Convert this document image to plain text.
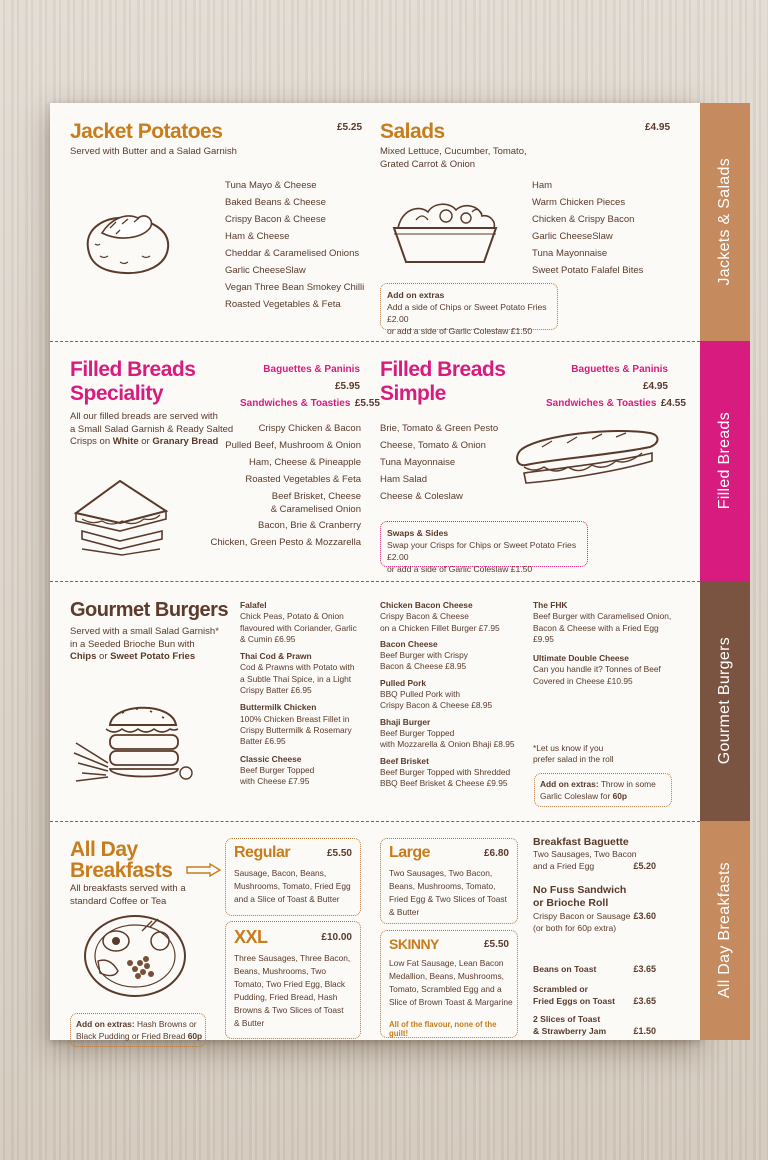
Jackets & Salads
Filled Breads
Gourmet Burgers
All Day Breakfasts
Jacket Potatoes	£5.25
Served with Butter and a Salad Garnish
Tuna Mayo & Cheese
Baked Beans & Cheese
Crispy Bacon & Cheese
Ham & Cheese
Cheddar & Caramelised Onions
Garlic CheeseSlaw
Vegan Three Bean Smokey Chilli
Roasted Vegetables & Feta
Salads	£4.95
Mixed Lettuce, Cucumber, Tomato,
Grated Carrot & Onion
Ham
Warm Chicken Pieces
Chicken & Crispy Bacon
Garlic CheeseSlaw
Tuna Mayonnaise
Sweet Potato Falafel Bites
Add on extras
Add a side of Chips or Sweet Potato Fries £2.00
or add a side of Garlic Coleslaw £1.50
Filled Breads
Speciality
Baguettes & Paninis £5.95
Sandwiches & Toasties £5.55
All our filled breads are served with
a Small Salad Garnish & Ready Salted
Crisps on White or Granary Bread
Crispy Chicken & Bacon
Pulled Beef, Mushroom & Onion
Ham, Cheese & Pineapple
Roasted Vegetables & Feta
Beef Brisket, Cheese
& Caramelised Onion
Bacon, Brie & Cranberry
Chicken, Green Pesto & Mozzarella
Filled Breads
Simple
Baguettes & Paninis £4.95
Sandwiches & Toasties £4.55
Brie, Tomato & Green Pesto
Cheese, Tomato & Onion
Tuna Mayonnaise
Ham Salad
Cheese & Coleslaw
Swaps & Sides
Swap your Crisps for Chips or Sweet Potato Fries £2.00
or add a side of Garlic Coleslaw £1.50
Gourmet Burgers
Served with a small Salad Garnish*
in a Seeded Brioche Bun with
Chips or Sweet Potato Fries
Falafel
Chick Peas, Potato & Onion
flavoured with Coriander, Garlic
& Cumin £6.95
Thai Cod & Prawn
Cod & Prawns with Potato with
a Subtle Thai Spice, in a Light
Crispy Batter £6.95
Buttermilk Chicken
100% Chicken Breast Fillet in
Crispy Buttermilk & Rosemary
Batter £6.95
Classic Cheese
Beef Burger Topped
with Cheese £7.95
Chicken Bacon Cheese
Crispy Bacon & Cheese
on a Chicken Fillet Burger £7.95
Bacon Cheese
Beef Burger with Crispy
Bacon & Cheese £8.95
Pulled Pork
BBQ Pulled Pork with
Crispy Bacon & Cheese £8.95
Bhaji Burger
Beef Burger Topped
with Mozzarella & Onion Bhaji £8.95
Beef Brisket
Beef Burger Topped with Shredded
BBQ Beef Brisket & Cheese £9.95
The FHK
Beef Burger with Caramelised Onion,
Bacon & Cheese with a Fried Egg
£9.95
Ultimate Double Cheese
Can you handle it? Tonnes of Beef
Covered in Cheese £10.95
*Let us know if you
prefer salad in the roll
Add on extras: Throw in some
Garlic Coleslaw for 60p
All Day
Breakfasts
All breakfasts served with a
standard Coffee or Tea
Add on extras: Hash Browns or
Black Pudding or Fried Bread 60p
Regular	£5.50
Sausage, Bacon, Beans,
Mushrooms, Tomato, Fried Egg
and a Slice of Toast & Butter
XXL	£10.00
Three Sausages, Three Bacon,
Beans, Mushrooms, Two
Tomato, Two Fried Egg, Black
Pudding, Fried Bread, Hash
Browns & Two Slices of Toast
& Butter
Large	£6.80
Two Sausages, Two Bacon,
Beans, Mushrooms, Tomato,
Fried Egg & Two Slices of Toast
& Butter
SKINNY	£5.50
Low Fat Sausage, Lean Bacon
Medallion, Beans, Mushrooms,
Tomato, Scrambled Egg and a
Slice of Brown Toast & Margarine
All of the flavour, none of the guilt!
Breakfast Baguette
Two Sausages, Two Bacon
and a Fried Egg	£5.20
No Fuss Sandwich
or Brioche Roll
Crispy Bacon or Sausage £3.60
(or both for 60p extra)
Beans on Toast	£3.65
Scrambled or
Fried Eggs on Toast	£3.65
2 Slices of Toast
& Strawberry Jam	£1.50
